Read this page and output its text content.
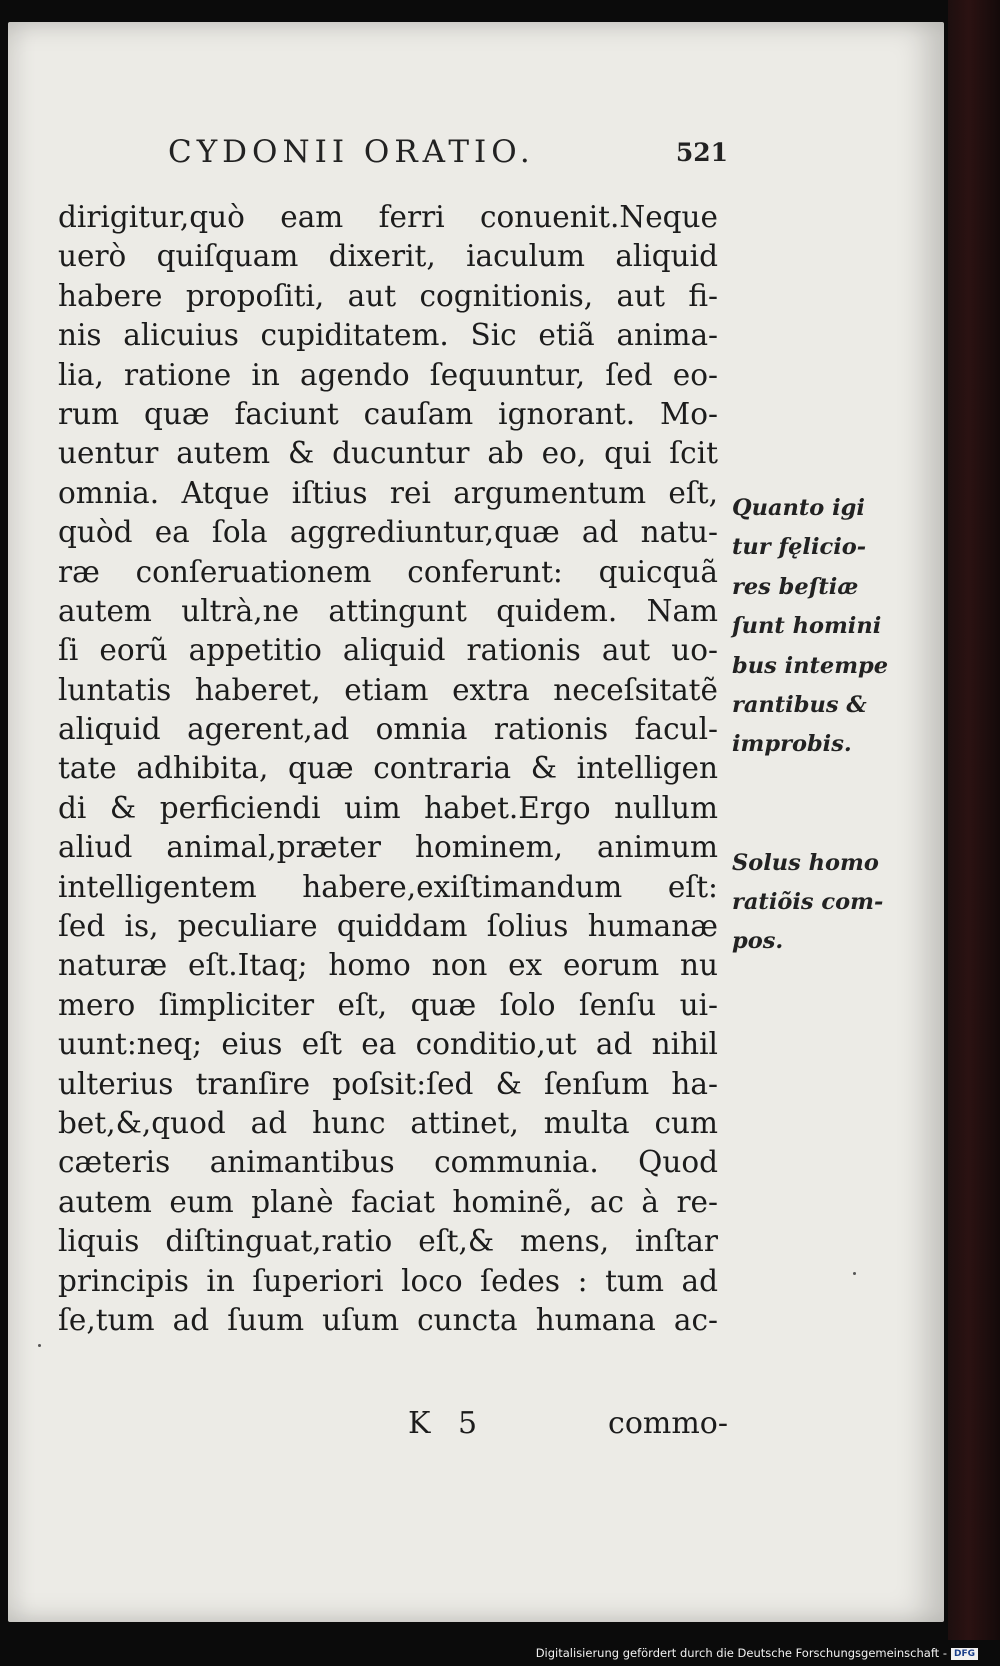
CYDONII ORATIO.	521
dirigitur,quò eam ferri conuenit.Neque
uerò quiſquam dixerit, iaculum aliquid
habere propoſiti, aut cognitionis, aut fi-
nis alicuius cupiditatem. Sic etiã anima-
lia, ratione in agendo ſequuntur, ſed eo-
rum quæ faciunt cauſam ignorant. Mo-
uentur autem & ducuntur ab eo, qui ſcit
omnia. Atque iſtius rei argumentum eſt,
quòd ea ſola aggrediuntur,quæ ad natu-
ræ conſeruationem conferunt: quicquã
autem ultrà,ne attingunt quidem. Nam
ſi eorũ appetitio aliquid rationis aut uo-
luntatis haberet, etiam extra neceſsitatẽ
aliquid agerent,ad omnia rationis facul-
tate adhibita, quæ contraria & intelligen
di & perficiendi uim habet.Ergo nullum
aliud animal,præter hominem, animum
intelligentem habere,exiſtimandum eſt:
ſed is, peculiare quiddam ſolius humanæ
naturæ eſt.Itaq; homo non ex eorum nu
mero ſimpliciter eſt, quæ ſolo ſenſu ui-
uunt:neq; eius eſt ea conditio,ut ad nihil
ulterius tranſire poſsit:ſed & ſenſum ha-
bet,&,quod ad hunc attinet, multa cum
cæteris animantibus communia. Quod
autem eum planè faciat hominẽ, ac à re-
liquis diſtinguat,ratio eſt,& mens, inſtar
principis in ſuperiori loco ſedes : tum ad
ſe,tum ad ſuum uſum cuncta humana ac-
Quanto igi
tur fęlicio-
res beſtiæ
ſunt homini
bus intempe
rantibus &
improbis.
Solus homo
ratiõis com-
pos.
K 5	commo-
Digitalisierung gefördert durch die Deutsche Forschungsgemeinschaft - DFG
